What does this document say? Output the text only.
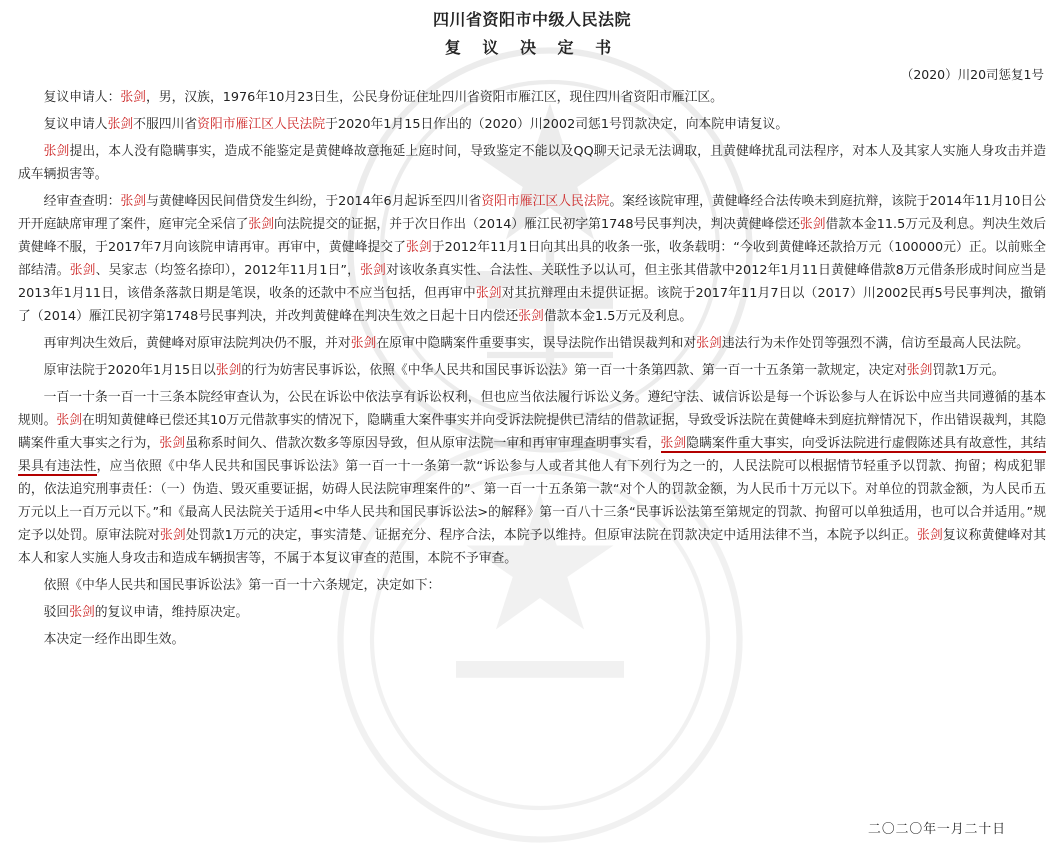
四川省资阳市中级人民法院
复 议 决 定 书
（2020）川20司惩复1号

复议申请人：张剑，男，汉族，1976年10月23日生，公民身份证住址四川省资阳市雁江区，现住四川省资阳市雁江区。

复议申请人张剑不服四川省资阳市雁江区人民法院于2020年1月15日作出的（2020）川2002司惩1号罚款决定，向本院申请复议。

张剑提出，本人没有隐瞒事实，造成不能鉴定是黄健峰故意拖延上庭时间，导致鉴定不能以及QQ聊天记录无法调取，且黄健峰扰乱司法程序，对本人及其家人实施人身攻击并造成车辆损害等。

经审查查明：张剑与黄健峰因民间借贷发生纠纷，于2014年6月起诉至四川省资阳市雁江区人民法院。案经该院审理，黄健峰经合法传唤未到庭抗辩，该院于2014年11月10日公开开庭缺席审理了案件，庭审完全采信了张剑向法院提交的证据，并于次日作出（2014）雁江民初字第1748号民事判决，判决黄健峰偿还张剑借款本金11.5万元及利息。判决生效后黄健峰不服，于2017年7月向该院申请再审。再审中，黄健峰提交了张剑于2012年11月1日向其出具的收条一张，收条载明：“今收到黄健峰还款拾万元（100000元）正。以前账全部结清。张剑、吴家志（均签名捺印），2012年11月1日”，张剑对该收条真实性、合法性、关联性予以认可，但主张其借款中2012年1月11日黄健峰借款8万元借条形成时间应当是2013年1月11日，该借条落款日期是笔误，收条的还款中不应当包括，但再审中张剑对其抗辩理由未提供证据。该院于2017年11月7日以（2017）川2002民再5号民事判决，撤销了（2014）雁江民初字第1748号民事判决，并改判黄健峰在判决生效之日起十日内偿还张剑借款本金1.5万元及利息。

再审判决生效后，黄健峰对原审法院判决仍不服，并对张剑在原审中隐瞒案件重要事实，误导法院作出错误裁判和对张剑违法行为未作处罚等强烈不满，信访至最高人民法院。

原审法院于2020年1月15日以张剑的行为妨害民事诉讼，依照《中华人民共和国民事诉讼法》第一百一十条第四款、第一百一十五条第一款规定，决定对张剑罚款1万元。

一百一十条一百一十三条本院经审查认为，公民在诉讼中依法享有诉讼权利，但也应当依法履行诉讼义务。遵纪守法、诚信诉讼是每一个诉讼参与人在诉讼中应当共同遵循的基本规则。张剑在明知黄健峰已偿还其10万元借款事实的情况下，隐瞒重大案件事实并向受诉法院提供已清结的借款证据，导致受诉法院在黄健峰未到庭抗辩情况下，作出错误裁判，其隐瞒案件重大事实之行为，张剑虽称系时间久、借款次数多等原因导致，但从原审法院一审和再审审理查明事实看，张剑隐瞒案件重大事实，向受诉法院进行虚假陈述具有故意性，其结果具有违法性，应当依照《中华人民共和国民事诉讼法》第一百一十一条第一款“诉讼参与人或者其他人有下列行为之一的，人民法院可以根据情节轻重予以罚款、拘留；构成犯罪的，依法追究刑事责任：（一）伪造、毁灭重要证据，妨碍人民法院审理案件的”、第一百一十五条第一款“对个人的罚款金额，为人民币十万元以下。对单位的罚款金额，为人民币五万元以上一百万元以下。”和《最高人民法院关于适用<中华人民共和国民事诉讼法>的解释》第一百八十三条“民事诉讼法第至第规定的罚款、拘留可以单独适用，也可以合并适用。”规定予以处罚。原审法院对张剑处罚款1万元的决定，事实清楚、证据充分、程序合法，本院予以维持。但原审法院在罚款决定中适用法律不当，本院予以纠正。张剑复议称黄健峰对其本人和家人实施人身攻击和造成车辆损害等，不属于本复议审查的范围，本院不予审查。

依照《中华人民共和国民事诉讼法》第一百一十六条规定，决定如下：

驳回张剑的复议申请，维持原决定。

本决定一经作出即生效。

二〇二〇年一月二十日
